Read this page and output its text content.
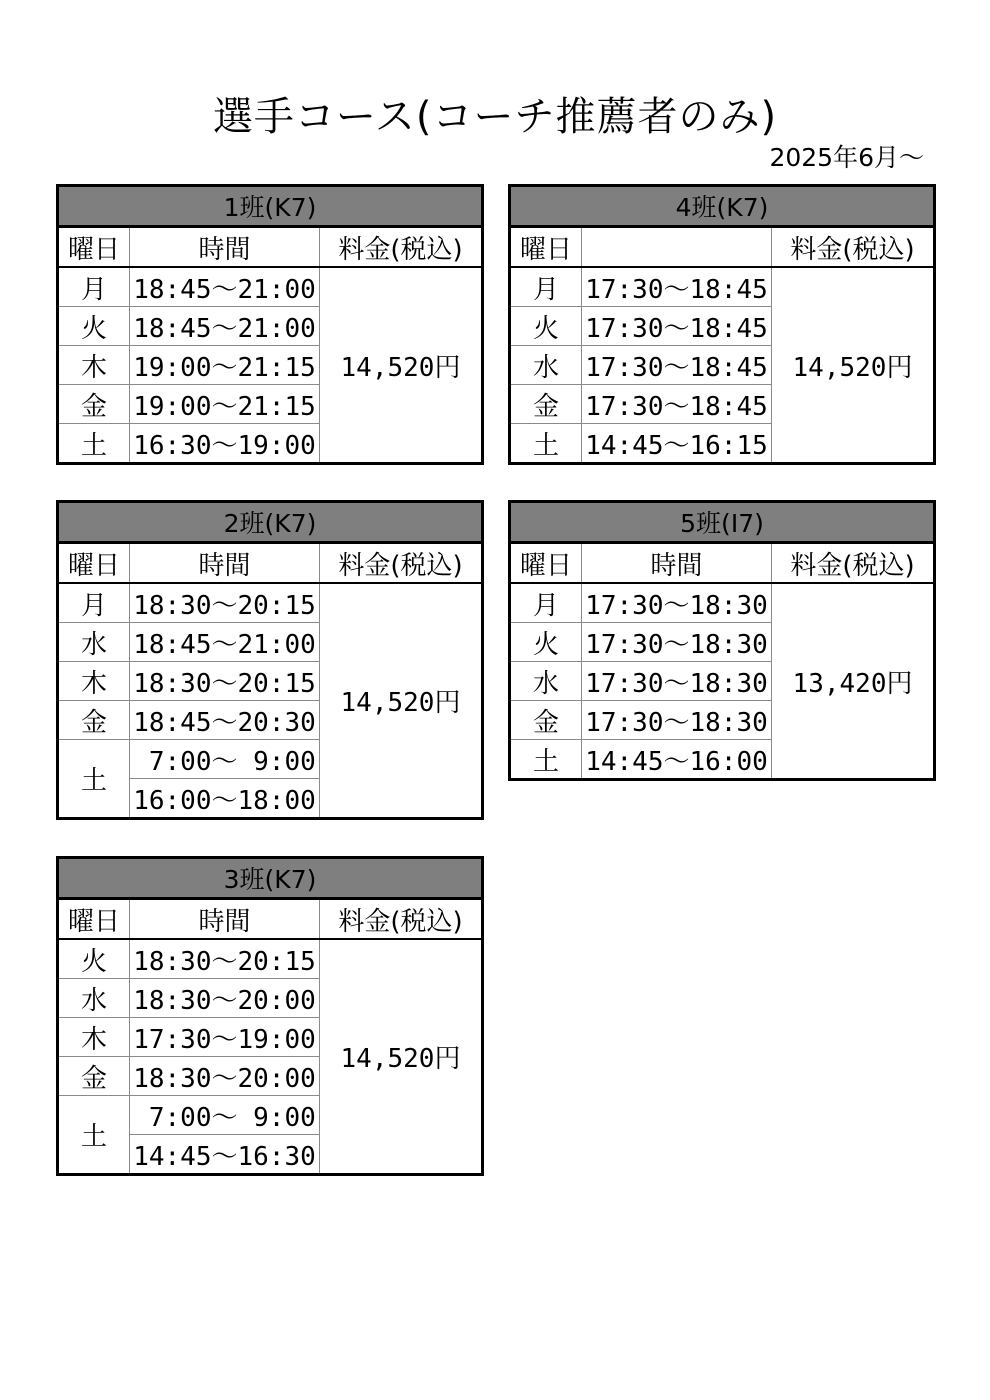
選手コース(コーチ推薦者のみ)
2025年6月～
1班(K7)		
曜日	時間	料金(税込)
月	18:45～21:00	14,520円
火	18:45～21:00	
木	19:00～21:15	
金	19:00～21:15	
土	16:30～19:00	
4班(K7)		
曜日		料金(税込)
月	17:30～18:45	14,520円
火	17:30～18:45	
水	17:30～18:45	
金	17:30～18:45	
土	14:45～16:15	
2班(K7)		
曜日	時間	料金(税込)
月	18:30～20:15	14,520円
水	18:45～21:00	
木	18:30～20:15	
金	18:45～20:30	
土	7:00～ 9:00	
	16:00～18:00	
5班(I7)		
曜日	時間	料金(税込)
月	17:30～18:30	13,420円
火	17:30～18:30	
水	17:30～18:30	
金	17:30～18:30	
土	14:45～16:00	
3班(K7)		
曜日	時間	料金(税込)
火	18:30～20:15	14,520円
水	18:30～20:00	
木	17:30～19:00	
金	18:30～20:00	
土	7:00～ 9:00	
	14:45～16:30	
